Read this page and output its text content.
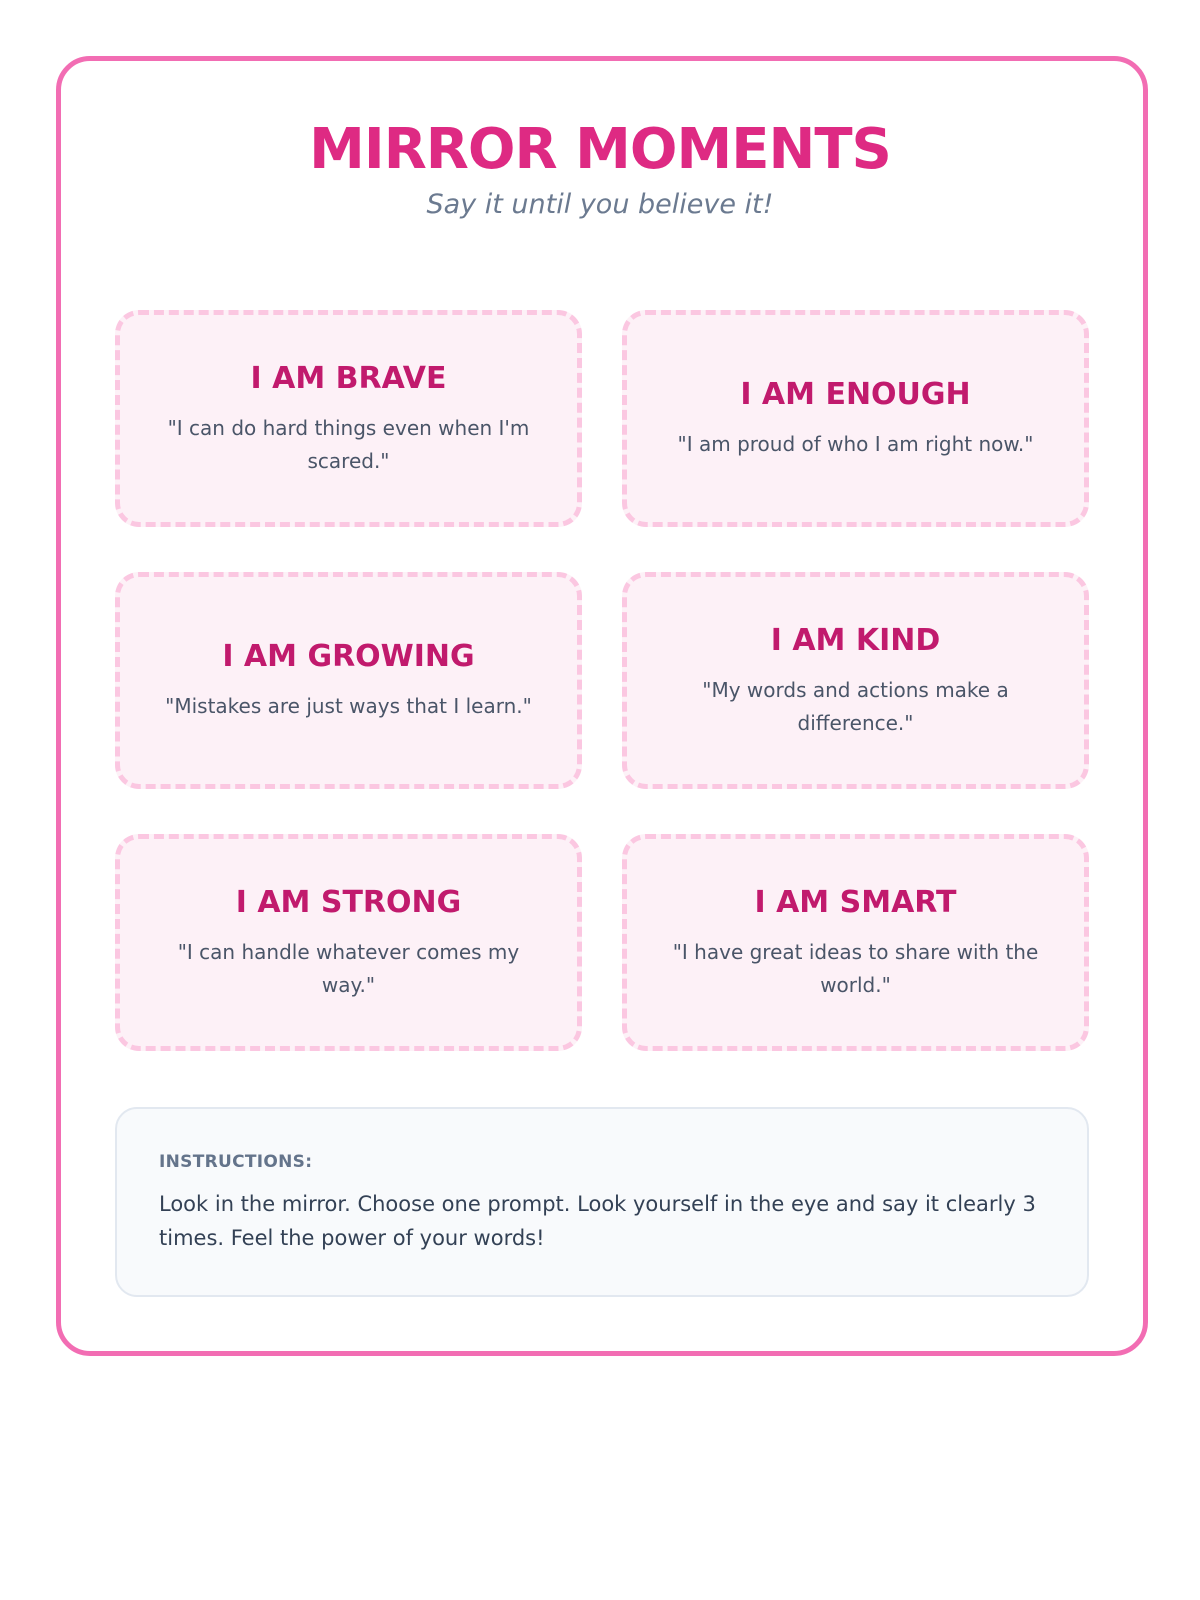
MIRROR MOMENTS

Say it until you believe it!

I AM BRAVE

"I can do hard things even when I'm scared."

I AM ENOUGH

"I am proud of who I am right now."

I AM GROWING

"Mistakes are just ways that I learn."

I AM KIND

"My words and actions make a difference."

I AM STRONG

"I can handle whatever comes my way."

I AM SMART

"I have great ideas to share with the world."

INSTRUCTIONS:

Look in the mirror. Choose one prompt. Look yourself in the eye and say it clearly 3 times. Feel the power of your words!
